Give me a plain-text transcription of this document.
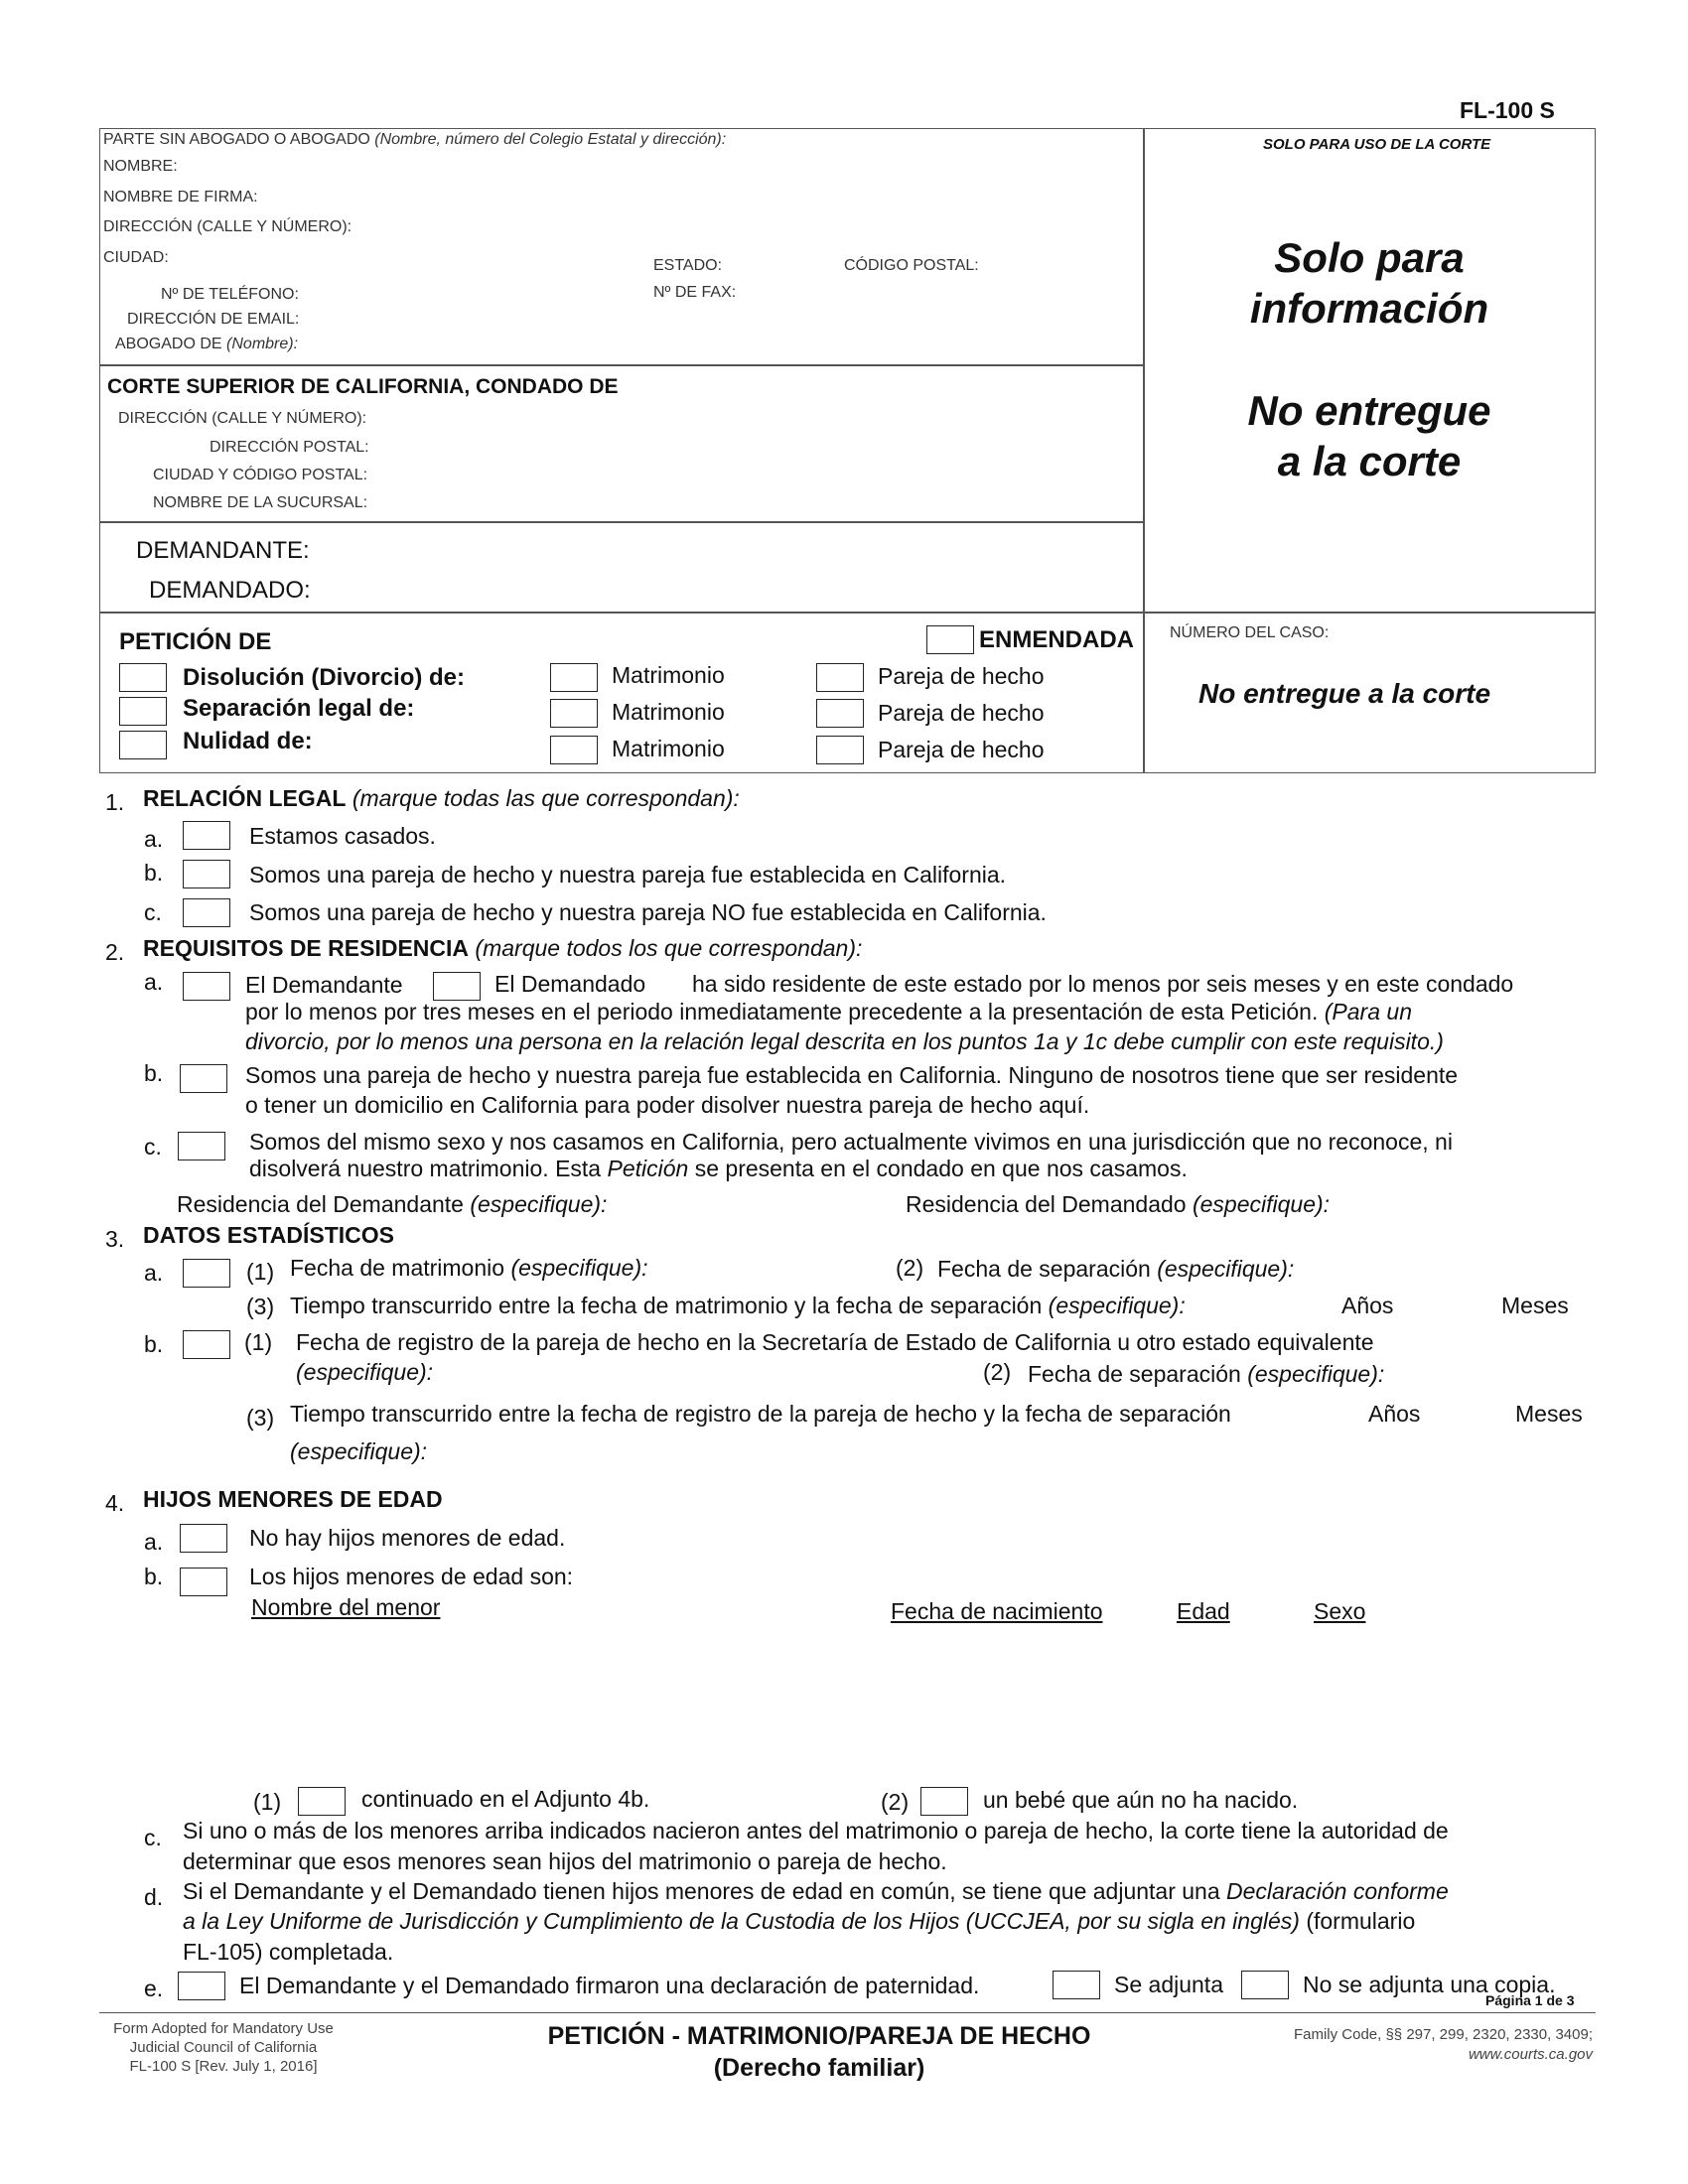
FL-100 S
PARTE SIN ABOGADO O ABOGADO (Nombre, número del Colegio Estatal y dirección):
NOMBRE:
NOMBRE DE FIRMA:
DIRECCIÓN (CALLE Y NÚMERO):
CIUDAD:	ESTADO:	CÓDIGO POSTAL:
Nº DE TELÉFONO:	Nº DE FAX:
DIRECCIÓN DE EMAIL:
ABOGADO DE (Nombre):
CORTE SUPERIOR DE CALIFORNIA, CONDADO DE
DIRECCIÓN (CALLE Y NÚMERO):
DIRECCIÓN POSTAL:
CIUDAD Y CÓDIGO POSTAL:
NOMBRE DE LA SUCURSAL:
DEMANDANTE:
DEMANDADO:
SOLO PARA USO DE LA CORTE
Solo para
información
No entregue
a la corte
NÚMERO DEL CASO:
No entregue a la corte
PETICIÓN DE	ENMENDADA
Disolución (Divorcio) de:	Matrimonio	Pareja de hecho
Separación legal de:	Matrimonio	Pareja de hecho
Nulidad de:	Matrimonio	Pareja de hecho
1. RELACIÓN LEGAL (marque todas las que correspondan):
a.	Estamos casados.
b.	Somos una pareja de hecho y nuestra pareja fue establecida en California.
c.	Somos una pareja de hecho y nuestra pareja NO fue establecida en California.
2. REQUISITOS DE RESIDENCIA (marque todos los que correspondan):
a.	El Demandante	El Demandado ha sido residente de este estado por lo menos por seis meses y en este condado
por lo menos por tres meses en el periodo inmediatamente precedente a la presentación de esta Petición. (Para un
divorcio, por lo menos una persona en la relación legal descrita en los puntos 1a y 1c debe cumplir con este requisito.)
b.	Somos una pareja de hecho y nuestra pareja fue establecida en California. Ninguno de nosotros tiene que ser residente
o tener un domicilio en California para poder disolver nuestra pareja de hecho aquí.
c.	Somos del mismo sexo y nos casamos en California, pero actualmente vivimos en una jurisdicción que no reconoce, ni
disolverá nuestro matrimonio. Esta Petición se presenta en el condado en que nos casamos.
Residencia del Demandante (especifique):	Residencia del Demandado (especifique):
3. DATOS ESTADÍSTICOS
a.	(1) Fecha de matrimonio (especifique):	(2) Fecha de separación (especifique):
(3) Tiempo transcurrido entre la fecha de matrimonio y la fecha de separación (especifique):	Años	Meses
b.	(1) Fecha de registro de la pareja de hecho en la Secretaría de Estado de California u otro estado equivalente
(especifique):	(2) Fecha de separación (especifique):
(3) Tiempo transcurrido entre la fecha de registro de la pareja de hecho y la fecha de separación	Años	Meses
(especifique):
4. HIJOS MENORES DE EDAD
a.	No hay hijos menores de edad.
b.	Los hijos menores de edad son:
Nombre del menor	Fecha de nacimiento	Edad	Sexo
(1)	continuado en el Adjunto 4b.	(2)	un bebé que aún no ha nacido.
c. Si uno o más de los menores arriba indicados nacieron antes del matrimonio o pareja de hecho, la corte tiene la autoridad de
determinar que esos menores sean hijos del matrimonio o pareja de hecho.
d. Si el Demandante y el Demandado tienen hijos menores de edad en común, se tiene que adjuntar una Declaración conforme
a la Ley Uniforme de Jurisdicción y Cumplimiento de la Custodia de los Hijos (UCCJEA, por su sigla en inglés) (formulario
FL-105) completada.
e.	El Demandante y el Demandado firmaron una declaración de paternidad.	Se adjunta	No se adjunta una copia.
Página 1 de 3
Form Adopted for Mandatory Use
Judicial Council of California
FL-100 S [Rev. July 1, 2016]
PETICIÓN - MATRIMONIO/PAREJA DE HECHO
(Derecho familiar)
Family Code, §§ 297, 299, 2320, 2330, 3409;
www.courts.ca.gov
